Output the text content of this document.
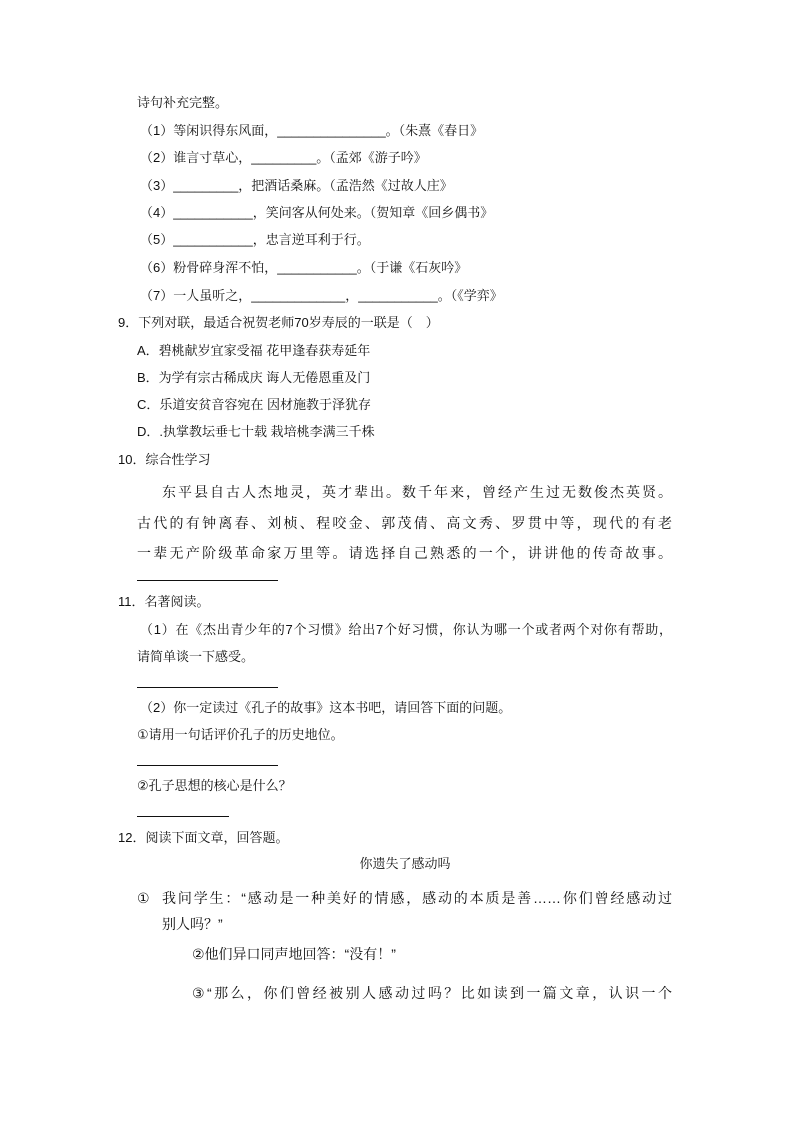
诗句补充完整。
（1）等闲识得东风面，_______________。（朱熹《春日》
（2）谁言寸草心，_________。（孟郊《游子吟》
（3）_________，把酒话桑麻。（孟浩然《过故人庄》
（4）___________，笑问客从何处来。（贺知章《回乡偶书》
（5）___________，忠言逆耳利于行。
（6）粉骨碎身浑不怕，___________。（于谦《石灰吟》
（7）一人虽听之，_____________，___________。（《学弈》
9．下列对联，最适合祝贺老师70岁寿辰的一联是（　）
A．碧桃献岁宜家受福 花甲逢春获寿延年
B．为学有宗古稀成庆 诲人无倦恩重及门
C．乐道安贫音容宛在 因材施教于泽犹存
D．.执掌教坛垂七十载 栽培桃李满三千株
10．综合性学习
东平县自古人杰地灵，英才辈出。数千年来，曾经产生过无数俊杰英贤。
古代的有钟离春、刘桢、程咬金、郭茂倩、高文秀、罗贯中等，现代的有老
一辈无产阶级革命家万里等。请选择自己熟悉的一个，讲讲他的传奇故事。
11．名著阅读。
（1）在《杰出青少年的7个习惯》给出7个好习惯，你认为哪一个或者两个对你有帮助，
请简单谈一下感受。
（2）你一定读过《孔子的故事》这本书吧，请回答下面的问题。
①请用一句话评价孔子的历史地位。
②孔子思想的核心是什么？
12．阅读下面文章，回答题。
你遗失了感动吗
① 我问学生：“感动是一种美好的情感，感动的本质是善……你们曾经感动过
别人吗？”
②他们异口同声地回答：“没有！”
③“那么，你们曾经被别人感动过吗？比如读到一篇文章，认识一个
